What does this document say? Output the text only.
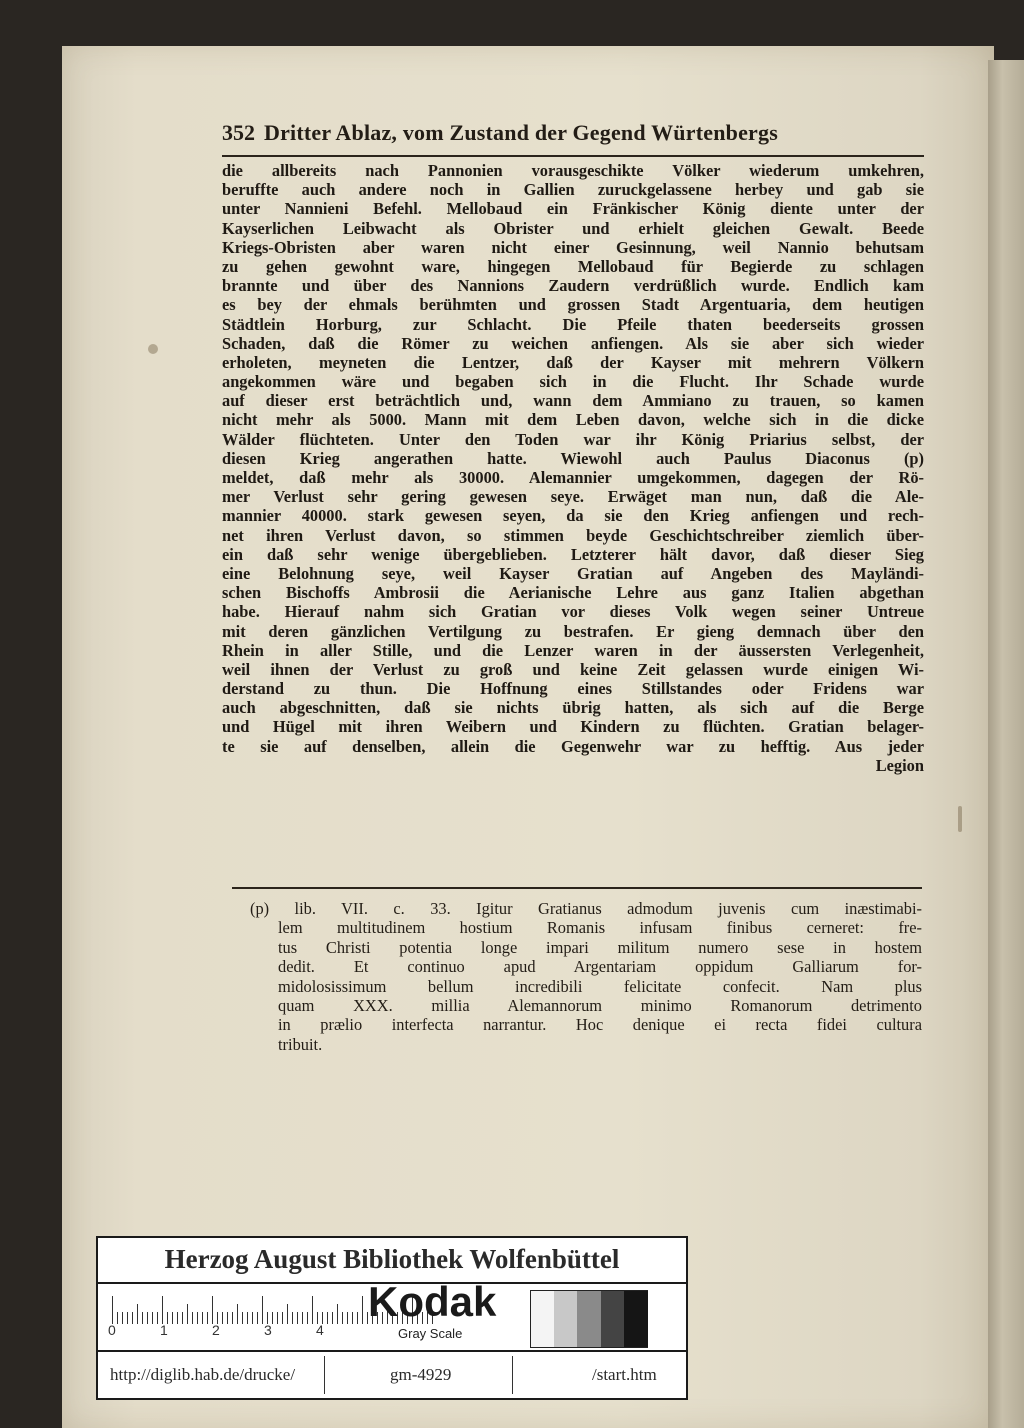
352 Dritter Ablaz, vom Zustand der Gegend Würtenbergs
die allbereits nach Pannonien vorausgeschikte Völker wiederum umkehren,
beruffte auch andere noch in Gallien zuruckgelassene herbey und gab sie
unter Nannieni Befehl. Mellobaud ein Fränkischer König diente unter der
Kayserlichen Leibwacht als Obrister und erhielt gleichen Gewalt. Beede
Kriegs-Obristen aber waren nicht einer Gesinnung, weil Nannio behutsam
zu gehen gewohnt ware, hingegen Mellobaud für Begierde zu schlagen
brannte und über des Nannions Zaudern verdrüßlich wurde. Endlich kam
es bey der ehmals berühmten und grossen Stadt Argentuaria, dem heutigen
Städtlein Horburg, zur Schlacht. Die Pfeile thaten beederseits grossen
Schaden, daß die Römer zu weichen anfiengen. Als sie aber sich wieder
erholeten, meyneten die Lentzer, daß der Kayser mit mehrern Völkern
angekommen wäre und begaben sich in die Flucht. Ihr Schade wurde
auf dieser erst beträchtlich und, wann dem Ammiano zu trauen, so kamen
nicht mehr als 5000. Mann mit dem Leben davon, welche sich in die dicke
Wälder flüchteten. Unter den Toden war ihr König Priarius selbst, der
diesen Krieg angerathen hatte. Wiewohl auch Paulus Diaconus (p)
meldet, daß mehr als 30000. Alemannier umgekommen, dagegen der Rö-
mer Verlust sehr gering gewesen seye. Erwäget man nun, daß die Ale-
mannier 40000. stark gewesen seyen, da sie den Krieg anfiengen und rech-
net ihren Verlust davon, so stimmen beyde Geschichtschreiber ziemlich über-
ein daß sehr wenige übergeblieben. Letzterer hält davor, daß dieser Sieg
eine Belohnung seye, weil Kayser Gratian auf Angeben des Mayländi-
schen Bischoffs Ambrosii die Aerianische Lehre aus ganz Italien abgethan
habe. Hierauf nahm sich Gratian vor dieses Volk wegen seiner Untreue
mit deren gänzlichen Vertilgung zu bestrafen. Er gieng demnach über den
Rhein in aller Stille, und die Lenzer waren in der äussersten Verlegenheit,
weil ihnen der Verlust zu groß und keine Zeit gelassen wurde einigen Wi-
derstand zu thun. Die Hoffnung eines Stillstandes oder Fridens war
auch abgeschnitten, daß sie nichts übrig hatten, als sich auf die Berge
und Hügel mit ihren Weibern und Kindern zu flüchten. Gratian belager-
te sie auf denselben, allein die Gegenwehr war zu hefftig. Aus jeder
Legion
(p) lib. VII. c. 33. Igitur Gratianus admodum juvenis cum inæstimabi-
lem multitudinem hostium Romanis infusam finibus cerneret: fre-
tus Christi potentia longe impari militum numero sese in hostem
dedit. Et continuo apud Argentariam oppidum Galliarum for-
midolosissimum bellum incredibili felicitate confecit. Nam plus
quam XXX. millia Alemannorum minimo Romanorum detrimento
in prælio interfecta narrantur. Hoc denique ei recta fidei cultura
tribuit.
Herzog August Bibliothek Wolfenbüttel
0	1	2	3	4
Kodak
Gray Scale
http://diglib.hab.de/drucke/	gm-4929	/start.htm
